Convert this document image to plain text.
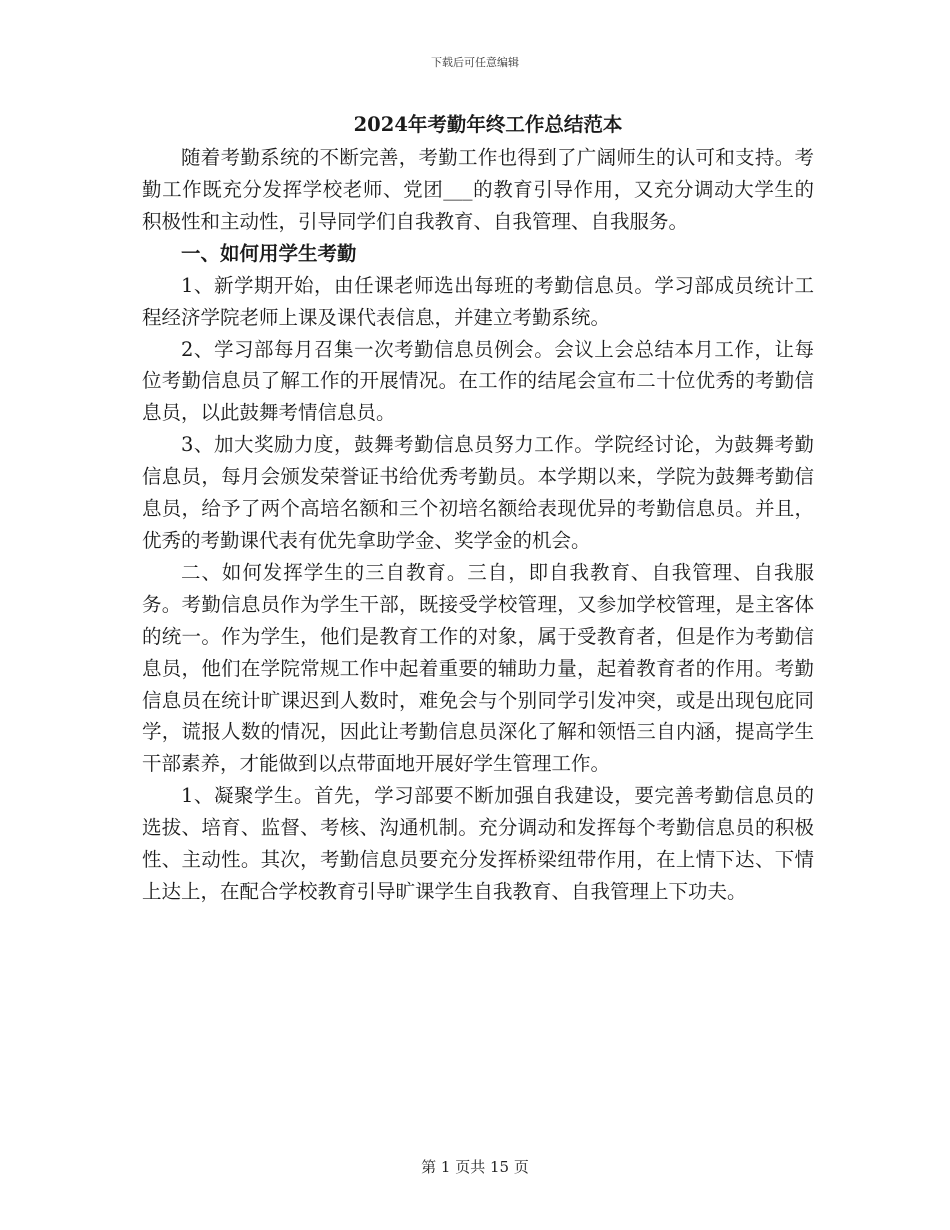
下载后可任意编辑
2024年考勤年终工作总结范本

随着考勤系统的不断完善，考勤工作也得到了广阔师生的认可和支持。考勤工作既充分发挥学校老师、党团___的教育引导作用，又充分调动大学生的积极性和主动性，引导同学们自我教育、自我管理、自我服务。

一、如何用学生考勤

1、新学期开始，由任课老师选出每班的考勤信息员。学习部成员统计工程经济学院老师上课及课代表信息，并建立考勤系统。

2、学习部每月召集一次考勤信息员例会。会议上会总结本月工作，让每位考勤信息员了解工作的开展情况。在工作的结尾会宣布二十位优秀的考勤信息员，以此鼓舞考情信息员。

3、加大奖励力度，鼓舞考勤信息员努力工作。学院经讨论，为鼓舞考勤信息员，每月会颁发荣誉证书给优秀考勤员。本学期以来，学院为鼓舞考勤信息员，给予了两个高培名额和三个初培名额给表现优异的考勤信息员。并且，优秀的考勤课代表有优先拿助学金、奖学金的机会。

二、如何发挥学生的三自教育。三自，即自我教育、自我管理、自我服务。考勤信息员作为学生干部，既接受学校管理，又参加学校管理，是主客体的统一。作为学生，他们是教育工作的对象，属于受教育者，但是作为考勤信息员，他们在学院常规工作中起着重要的辅助力量，起着教育者的作用。考勤信息员在统计旷课迟到人数时，难免会与个别同学引发冲突，或是出现包庇同学，谎报人数的情况，因此让考勤信息员深化了解和领悟三自内涵，提高学生干部素养，才能做到以点带面地开展好学生管理工作。

1、凝聚学生。首先，学习部要不断加强自我建设，要完善考勤信息员的选拔、培育、监督、考核、沟通机制。充分调动和发挥每个考勤信息员的积极性、主动性。其次，考勤信息员要充分发挥桥梁纽带作用，在上情下达、下情上达上，在配合学校教育引导旷课学生自我教育、自我管理上下功夫。

第 1 页共 15 页
